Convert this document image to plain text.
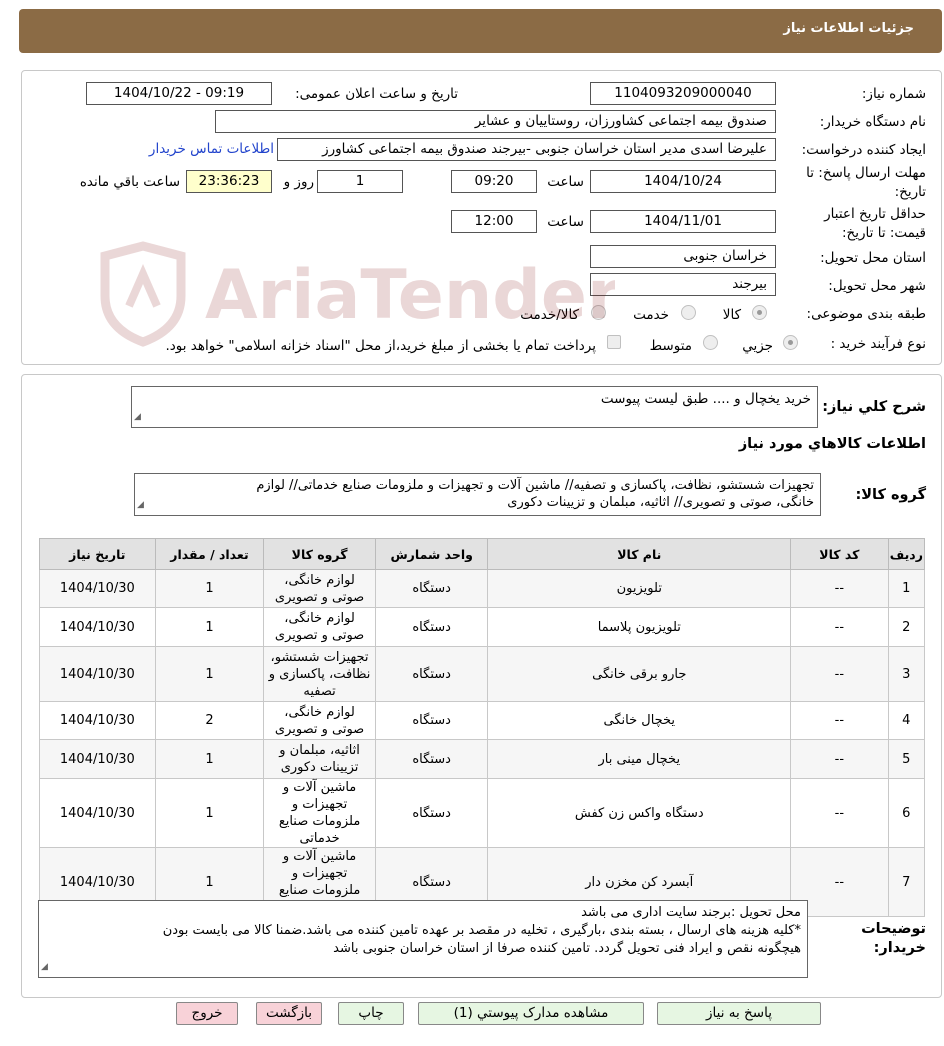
جزئیات اطلاعات نیاز
شماره نیاز:
1104093209000040
تاریخ و ساعت اعلان عمومی:
1404/10/22 - 09:19
نام دستگاه خریدار:
صندوق بیمه اجتماعی کشاورزان، روستاییان و عشایر
ایجاد کننده درخواست:
علیرضا اسدی مدیر استان خراسان جنوبی -بیرجند صندوق بیمه اجتماعی کشاورز
اطلاعات تماس خریدار
مهلت ارسال پاسخ: تا
تاریخ:
1404/10/24
ساعت
09:20
1
روز و
23:36:23
ساعت باقي مانده
حداقل تاریخ اعتبار
قیمت: تا تاریخ:
1404/11/01
ساعت
12:00
استان محل تحویل:
خراسان جنوبی
شهر محل تحویل:
بیرجند
طبقه بندی موضوعی:
کالا
خدمت
کالا/خدمت
نوع فرآیند خرید :
جزیي
متوسط
پرداخت تمام یا بخشی از مبلغ خرید،از محل "اسناد خزانه اسلامی" خواهد بود.
شرح کلي نیاز:
خرید یخچال و .... طبق لیست پیوست
◢
اطلاعات کالاهاي مورد نیاز
گروه کالا:
تجهیزات شستشو، نظافت، پاکسازی و تصفیه// ماشین آلات و تجهیزات و ملزومات صنایع خدماتی// لوازم
خانگی، صوتی و تصویری// اثاثیه، مبلمان و تزیینات دکوری
◢
ردیف	کد کالا	نام کالا	واحد شمارش	گروه کالا	تعداد / مقدار	تاریخ نیاز
1	--	تلویزیون	دستگاه	لوازم خانگی، صوتی و تصویری	1	1404/10/30
2	--	تلویزیون پلاسما	دستگاه	لوازم خانگی، صوتی و تصویری	1	1404/10/30
3	--	جارو برقی خانگی	دستگاه	تجهیزات شستشو، نظافت، پاکسازی و تصفیه	1	1404/10/30
4	--	یخچال خانگی	دستگاه	لوازم خانگی، صوتی و تصویری	2	1404/10/30
5	--	یخچال مینی بار	دستگاه	اثاثیه، مبلمان و تزیینات دکوری	1	1404/10/30
6	--	دستگاه واکس زن کفش	دستگاه	ماشین آلات و تجهیزات و ملزومات صنایع خدماتی	1	1404/10/30
7	--	آبسرد کن مخزن دار	دستگاه	ماشین آلات و تجهیزات و ملزومات صنایع	1	1404/10/30
توضیحات
خریدار:
محل تحویل :برجند سایت اداری می باشد
*کلیه هزینه های ارسال ، بسته بندی ،بارگیری ، تخلیه در مقصد بر عهده تامین کننده می باشد.ضمنا کالا می بایست بودن
هیچگونه نقص و ایراد فنی تحویل گردد. تامین کننده صرفا از استان خراسان جنوبی باشد
◢
پاسخ به نیاز
مشاهده مدارک پیوستي (1)
چاپ
بازگشت
خروج
